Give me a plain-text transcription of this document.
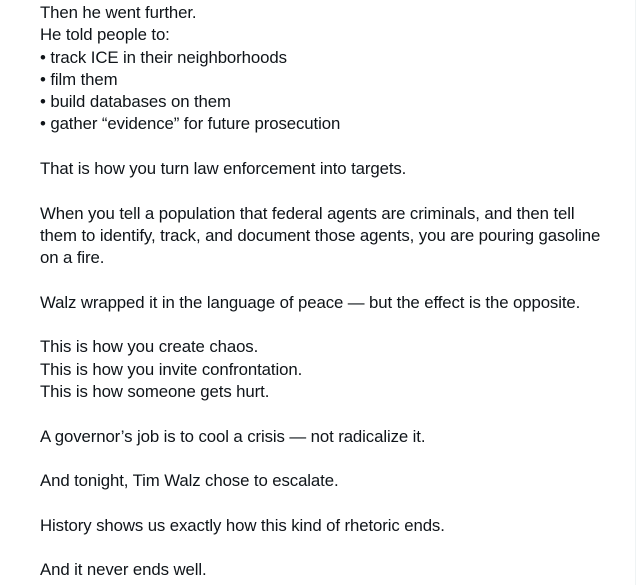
Then he went further.
He told people to:
• track ICE in their neighborhoods
• film them
• build databases on them
• gather “evidence” for future prosecution

That is how you turn law enforcement into targets.

When you tell a population that federal agents are criminals, and then tell them to identify, track, and document those agents, you are pouring gasoline on a fire.

Walz wrapped it in the language of peace — but the effect is the opposite.

This is how you create chaos.
This is how you invite confrontation.
This is how someone gets hurt.

A governor’s job is to cool a crisis — not radicalize it.

And tonight, Tim Walz chose to escalate.

History shows us exactly how this kind of rhetoric ends.

And it never ends well.
